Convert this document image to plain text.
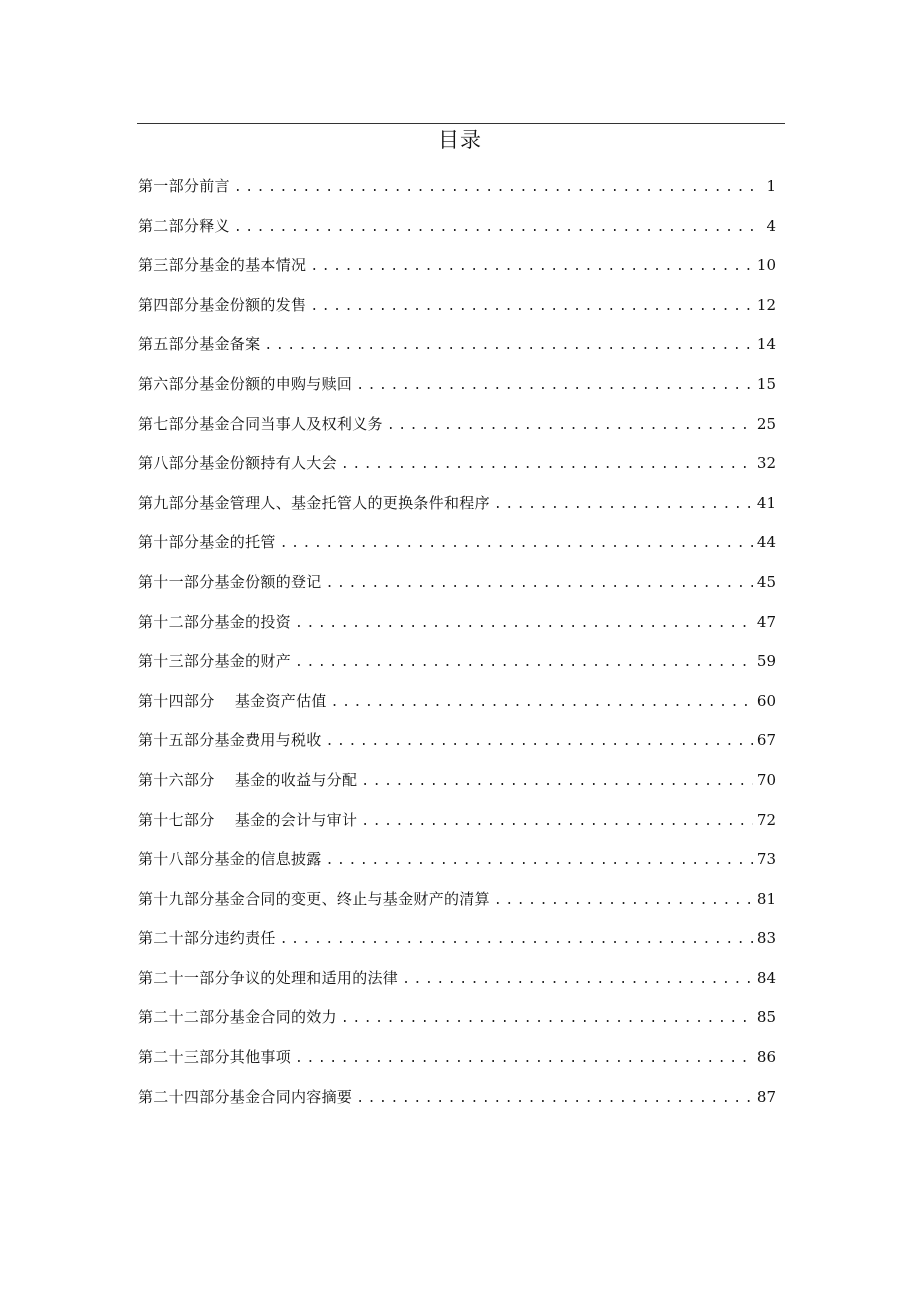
目录
第一部分前言 .....	1
第二部分释义 .....	4
第三部分基金的基本情况 .....	10
第四部分基金份额的发售 .....	12
第五部分基金备案 .....	14
第六部分基金份额的申购与赎回 .....	15
第七部分基金合同当事人及权利义务 .....	25
第八部分基金份额持有人大会 .....	32
第九部分基金管理人、基金托管人的更换条件和程序 .....	41
第十部分基金的托管 .....	44
第十一部分基金份额的登记 .....	45
第十二部分基金的投资 .....	47
第十三部分基金的财产 .....	59
第十四部分　 基金资产估值 .....	60
第十五部分基金费用与税收 .....	67
第十六部分　 基金的收益与分配 .....	70
第十七部分　 基金的会计与审计 .....	72
第十八部分基金的信息披露 .....	73
第十九部分基金合同的变更、终止与基金财产的清算 .....	81
第二十部分违约责任 .....	83
第二十一部分争议的处理和适用的法律 .....	84
第二十二部分基金合同的效力 .....	85
第二十三部分其他事项 .....	86
第二十四部分基金合同内容摘要 .....	87
